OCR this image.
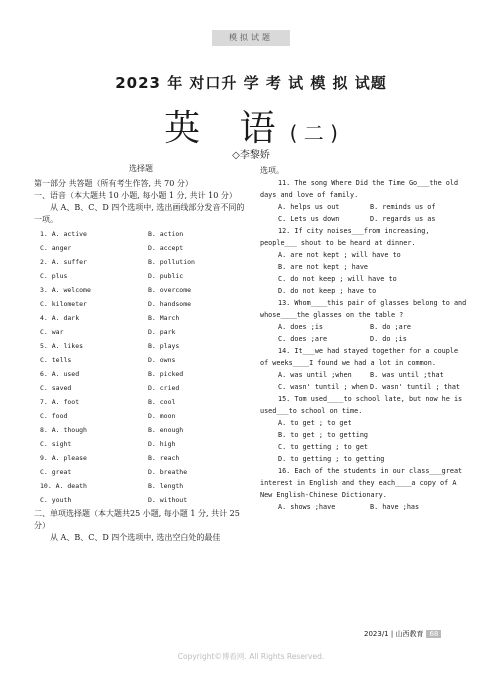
模拟试题
2023 年 对口升 学 考 试 模 拟 试题
英 语( 二 )
◇李黎娇
选择题
第一部分 共答题（所有考生作答, 共 70 分）
一、语音（本大题共 10 小题, 每小题 1 分, 共计 10 分）
从 A、B、C、D 四个选项中, 选出画线部分发音不同的一项。
1. A. active	B. action
C. anger	D. accept
2. A. suffer	B. pollution
C. plus	D. public
3. A. welcome	B. overcome
C. kilometer	D. handsome
4. A. dark	B. March
C. war	D. park
5. A. likes	B. plays
C. tells	D. owns
6. A. used	B. picked
C. saved	D. cried
7. A. foot	B. cool
C. food	D. moon
8. A. though	B. enough
C. sight	D. high
9. A. please	B. reach
C. great	D. breathe
10. A. death	B. length
C. youth	D. without
二、单项选择题（本大题共25 小题, 每小题 1 分, 共计 25 分）
从 A、B、C、D 四个选项中, 选出空白处的最佳
选项。
11. The song Where Did the Time Go___the old days and love of family.
A. helps us out	B. reminds us of
C. Lets us down	D. regards us as
12. If city noises___from increasing, people___ shout to be heard at dinner.
A. are not kept ; will have to
B. are not kept ; have
C. do not keep ; will have to
D. do not keep ; have to
13. Whom____this pair of glasses belong to and whose____the glasses on the table ?
A. does ;is	B. do ;are
C. does ;are	D. do ;is
14. It___we had stayed together for a couple of weeks____I found we had a lot in common.
A. was until ;when	B. was until ;that
C. wasn' tuntil ; when D. wasn' tuntil ; that
15. Tom used____to school late, but now he is used___to school on time.
A. to get ; to get
B. to get ; to getting
C. to getting ; to get
D. to getting ; to getting
16. Each of the students in our class___great interest in English and they each____a copy of A New English-Chinese Dictionary.
A. shows ;have	B. have ;has
2023/1 | 山西教育 68
Copyright©博看网. All Rights Reserved.
